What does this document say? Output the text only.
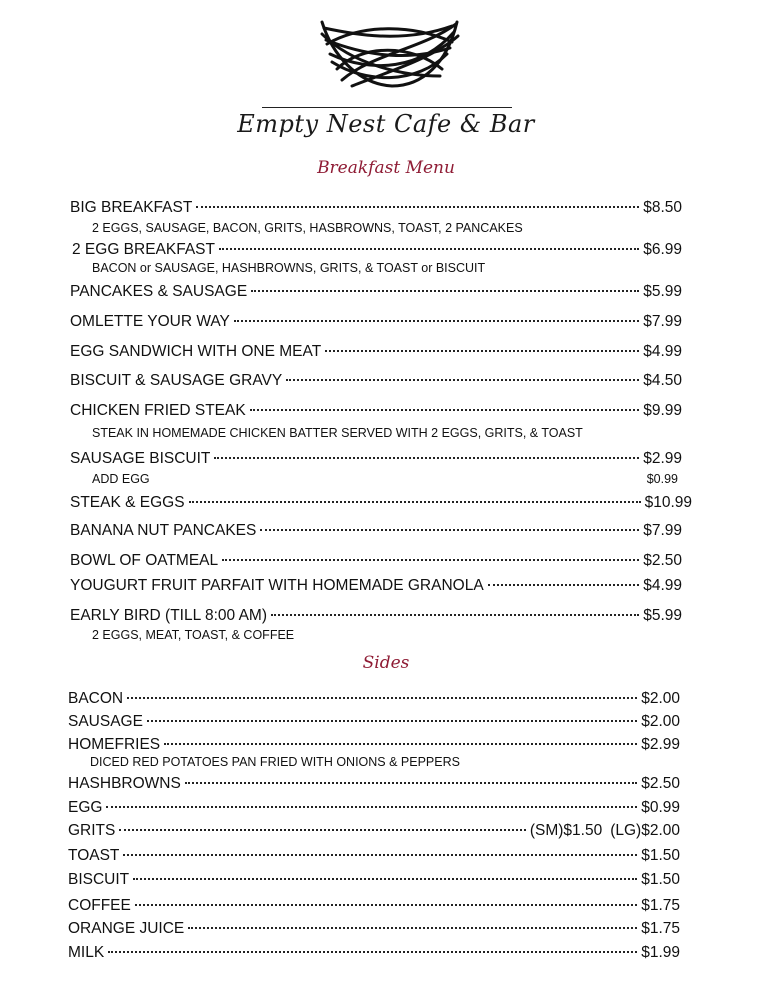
Empty Nest Cafe & Bar
Breakfast Menu
BIG BREAKFAST	$8.50
2 EGGS, SAUSAGE, BACON, GRITS, HASBROWNS, TOAST, 2 PANCAKES
2 EGG BREAKFAST	$6.99
BACON or SAUSAGE, HASHBROWNS, GRITS, & TOAST or BISCUIT
PANCAKES & SAUSAGE	$5.99
OMLETTE YOUR WAY	$7.99
EGG SANDWICH WITH ONE MEAT	$4.99
BISCUIT & SAUSAGE GRAVY	$4.50
CHICKEN FRIED STEAK	$9.99
STEAK IN HOMEMADE CHICKEN BATTER SERVED WITH 2 EGGS, GRITS, & TOAST
SAUSAGE BISCUIT	$2.99
ADD EGG	$0.99
STEAK & EGGS	$10.99
BANANA NUT PANCAKES	$7.99
BOWL OF OATMEAL	$2.50
YOUGURT FRUIT PARFAIT WITH HOMEMADE GRANOLA	$4.99
EARLY BIRD (TILL 8:00 AM)	$5.99
2 EGGS, MEAT, TOAST, & COFFEE
Sides
BACON	$2.00
SAUSAGE	$2.00
HOMEFRIES	$2.99
DICED RED POTATOES PAN FRIED WITH ONIONS & PEPPERS
HASHBROWNS	$2.50
EGG	$0.99
GRITS	(SM)$1.50 (LG)$2.00
TOAST	$1.50
BISCUIT	$1.50
COFFEE	$1.75
ORANGE JUICE	$1.75
MILK	$1.99
